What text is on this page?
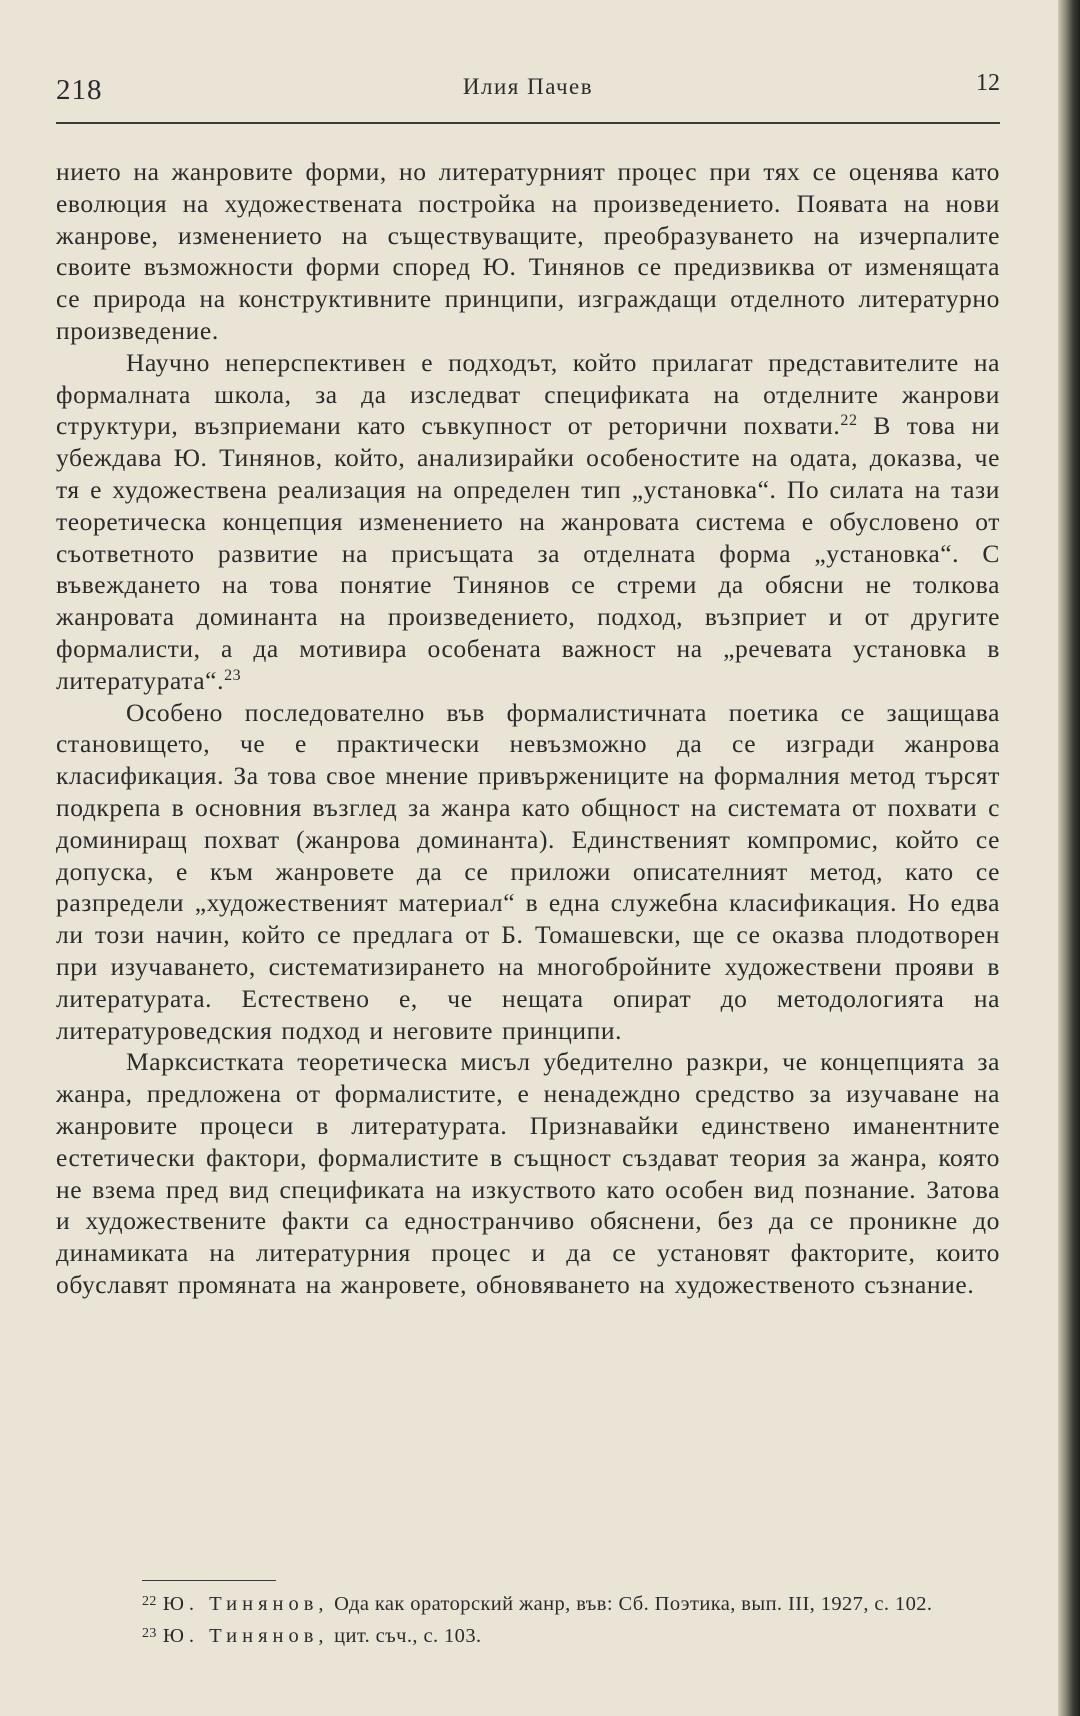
218	Илия Пачев	12

нието на жанровите форми, но литературният процес при тях се оценява като еволюция на художествената постройка на произведението. Появата на нови жанрове, изменението на съществуващите, преобразуването на изчерпалите своите възможности форми според Ю. Тинянов се предизвиква от изменящата се природа на конструктивните принципи, изграждащи отделното литературно произведение.

Научно неперспективен е подходът, който прилагат представителите на формалната школа, за да изследват спецификата на отделните жанрови структури, възприемани като съвкупност от реторични похвати.$^{22}$ В това ни убеждава Ю. Тинянов, който, анализирайки особеностите на одата, доказва, че тя е художествена реализация на определен тип „установка“. По силата на тази теоретическа концепция изменението на жанровата система е обусловено от съответното развитие на присъщата за отделната форма „установка“. С въвеждането на това понятие Тинянов се стреми да обясни не толкова жанровата доминанта на произведението, подход, възприет и от другите формалисти, а да мотивира особената важност на „речевата установка в литературата“.$^{23}$

Особено последователно във формалистичната поетика се защищава становището, че е практически невъзможно да се изгради жанрова класификация. За това свое мнение привържениците на формалния метод търсят подкрепа в основния възглед за жанра като общност на системата от похвати с доминиращ похват (жанрова доминанта). Единственият компромис, който се допуска, е към жанровете да се приложи описателният метод, като се разпредели „художественият материал“ в една служебна класификация. Но едва ли този начин, който се предлага от Б. Томашевски, ще се оказва плодотворен при изучаването, систематизирането на многобройните художествени прояви в литературата. Естествено е, че нещата опират до методологията на литературоведския подход и неговите принципи.

Марксистката теоретическа мисъл убедително разкри, че концепцията за жанра, предложена от формалистите, е ненадеждно средство за изучаване на жанровите процеси в литературата. Признавайки единствено иманентните естетически фактори, формалистите в същност създават теория за жанра, която не взема пред вид спецификата на изкуството като особен вид познание. Затова и художествените факти са едностранчиво обяснени, без да се проникне до динамиката на литературния процес и да се установят факторите, които обуславят промяната на жанровете, обновяването на художественото съзнание.

$^{22}$ Ю. Тинянов, Ода как ораторский жанр, във: Сб. Поэтика, вып. III, 1927, с. 102.

$^{23}$ Ю. Тинянов, цит. съч., с. 103.
